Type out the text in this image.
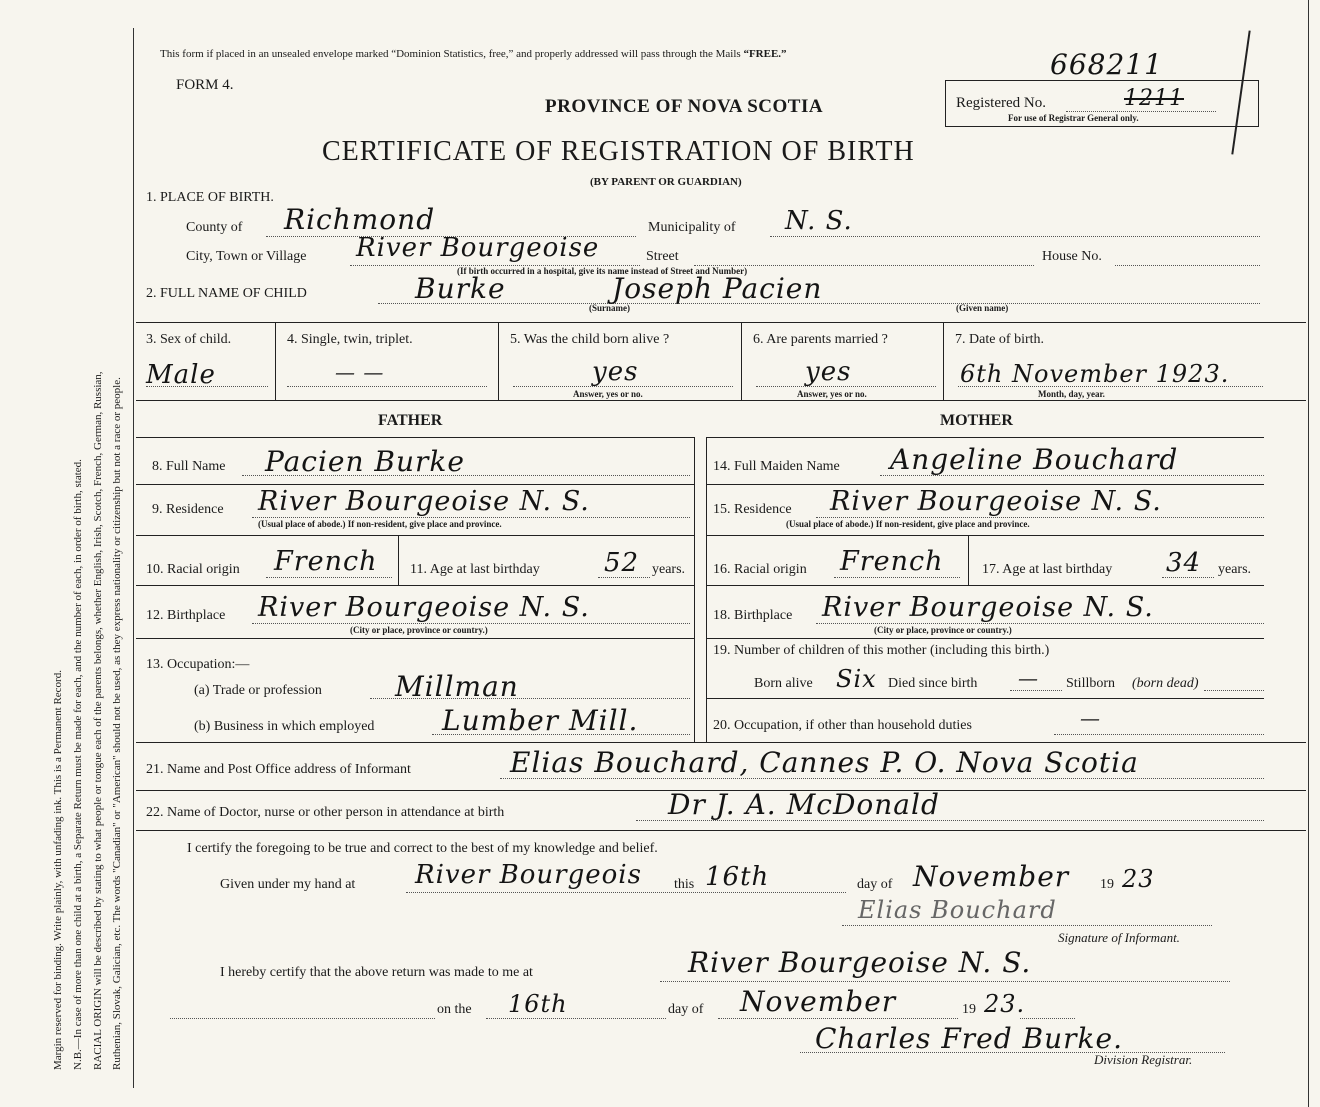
Margin reserved for binding. Write plainly, with unfading ink. This is a Permanent Record. N.B.—In case of more than one child at a birth, a Separate Return must be made for each, and the number of each, in order of birth, stated. RACIAL ORIGIN will be described by stating to what people or tongue each of the parents belongs, whether English, Irish, Scotch, French, German, Russian, Ruthenian, Slovak, Galician, etc. The words "Canadian" or "American" should not be used, as they express nationality or citizenship but not a race or people.
This form if placed in an unsealed envelope marked “Dominion Statistics, free,” and properly addressed will pass through the Mails “FREE.”	668211
FORM 4.
PROVINCE OF NOVA SCOTIA	Registered No.	1211
For use of Registrar General only.
CERTIFICATE OF REGISTRATION OF BIRTH
(BY PARENT OR GUARDIAN)
1. PLACE OF BIRTH.
County of Richmond	Municipality of N. S.
City, Town or Village River Bourgeoise	Street	House No.
(If birth occurred in a hospital, give its name instead of Street and Number)
2. FULL NAME OF CHILD	Burke	Joseph Pacien
(Surname)	(Given name)
3. Sex of child.
Male
4. Single, twin, triplet.
— —
5. Was the child born alive ?
yes
Answer, yes or no.
6. Are parents married ?
yes
Answer, yes or no.
7. Date of birth.
6th November 1923.
Month, day, year.
FATHER	MOTHER
8. Full Name Pacien Burke
9. Residence River Bourgeoise N. S.
(Usual place of abode.) If non-resident, give place and province.
10. Racial origin French 11. Age at last birthday 52 years.
12. Birthplace River Bourgeoise N. S.
(City or place, province or country.)
13. Occupation:—
(a) Trade or profession	Millman
(b) Business in which employed Lumber Mill.
14. Full Maiden Name Angeline Bouchard
15. Residence River Bourgeoise N. S.
(Usual place of abode.) If non-resident, give place and province.
16. Racial origin French	17. Age at last birthday 34 years.
18. Birthplace River Bourgeoise N. S.
(City or place, province or country.)
19. Number of children of this mother (including this birth.)
Born alive Six Died since birth — Stillborn (born dead)
20. Occupation, if other than household duties	—
21. Name and Post Office address of Informant	Elias Bouchard, Cannes P. O. Nova Scotia
22. Name of Doctor, nurse or other person in attendance at birth	Dr J. A. McDonald
I certify the foregoing to be true and correct to the best of my knowledge and belief.
Given under my hand at River Bourgeois this 16th	day of November 19 23
Elias Bouchard
Signature of Informant.
I hereby certify that the above return was made to me at	River Bourgeoise N. S.
on the 16th	day of November	19 23.
Charles Fred Burke.
Division Registrar.
